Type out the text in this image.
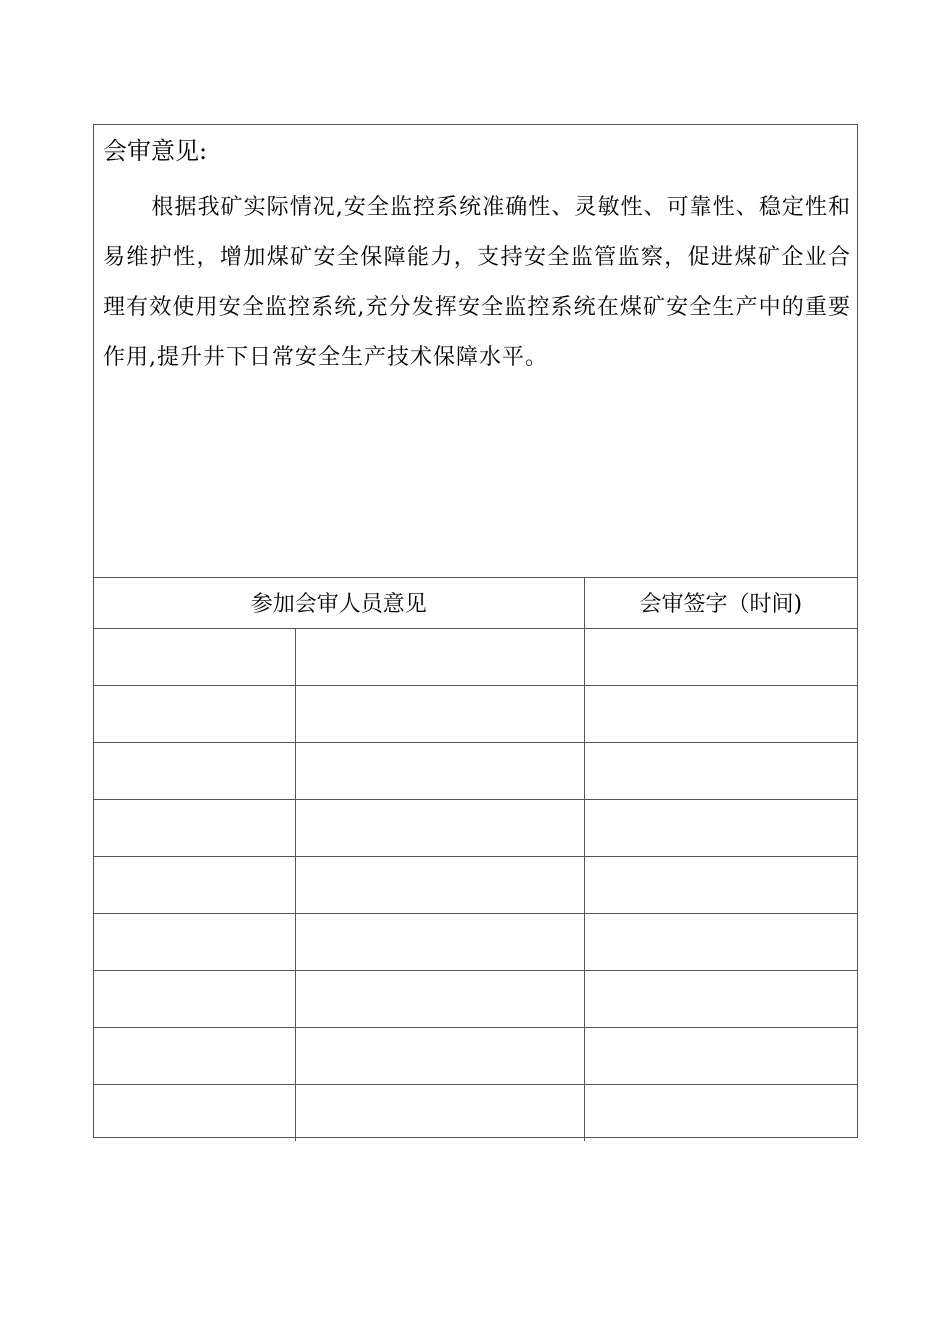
会审意见:

根据我矿实际情况,安全监控系统准确性、灵敏性、可靠性、稳定性和易维护性，增加煤矿安全保障能力，支持安全监管监察，促进煤矿企业合理有效使用安全监控系统,充分发挥安全监控系统在煤矿安全生产中的重要作用,提升井下日常安全生产技术保障水平。

参加会审人员意见		会审签字（时间)
